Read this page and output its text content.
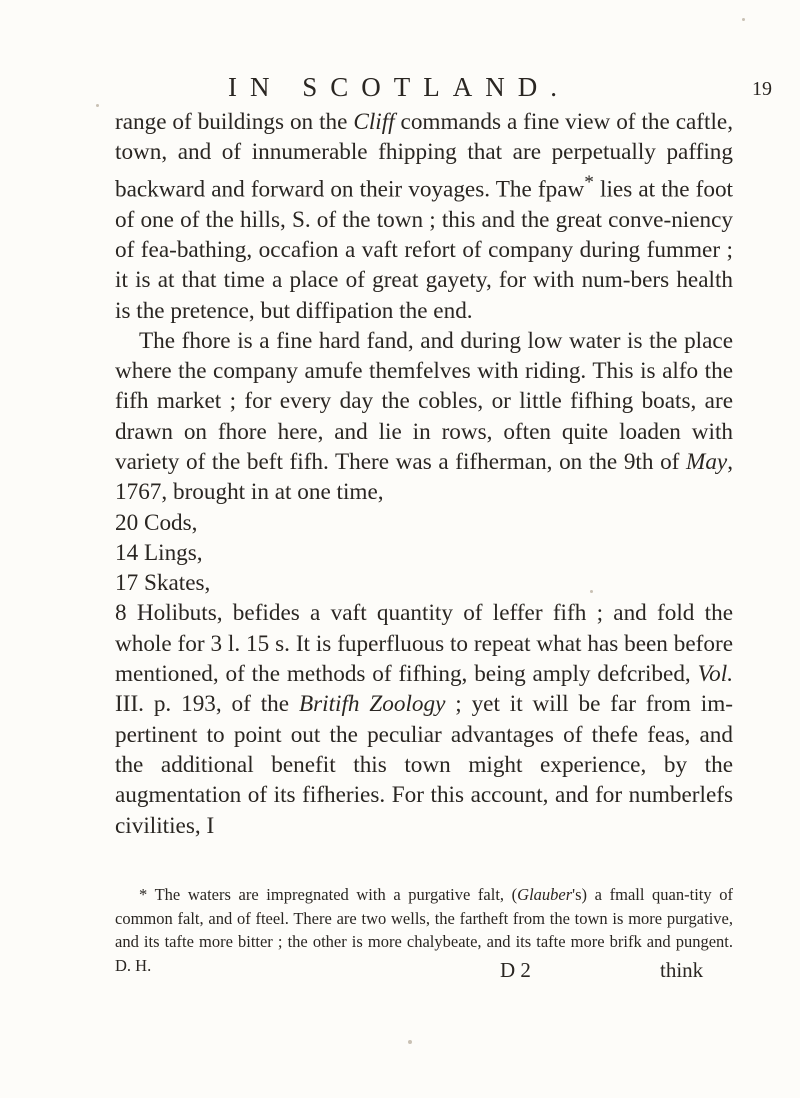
IN SCOTLAND.	19

range of buildings on the Cliff commands a fine view of the caftle, town, and of innumerable fhipping that are perpetually paffing backward and forward on their voyages. The fpaw* lies at the foot of one of the hills, S. of the town ; this and the great conve-niency of fea-bathing, occafion a vaft refort of company during fummer ; it is at that time a place of great gayety, for with num-bers health is the pretence, but diffipation the end.

The fhore is a fine hard fand, and during low water is the place where the company amufe themfelves with riding. This is alfo the fifh market ; for every day the cobles, or little fifhing boats, are drawn on fhore here, and lie in rows, often quite loaden with variety of the beft fifh. There was a fifherman, on the 9th of May, 1767, brought in at one time,

20 Cods,
14 Lings,
17 Skates,

8 Holibuts, befides a vaft quantity of leffer fifh ; and fold the whole for 3 l. 15 s. It is fuperfluous to repeat what has been before mentioned, of the methods of fifhing, being amply defcribed, Vol. III. p. 193, of the Britifh Zoology ; yet it will be far from im-pertinent to point out the peculiar advantages of thefe feas, and the additional benefit this town might experience, by the augmentation of its fifheries. For this account, and for numberlefs civilities, I

* The waters are impregnated with a purgative falt, (Glauber's) a fmall quan-tity of common falt, and of fteel. There are two wells, the fartheft from the town is more purgative, and its tafte more bitter ; the other is more chalybeate, and its tafte more brifk and pungent. D. H.	D 2	think
